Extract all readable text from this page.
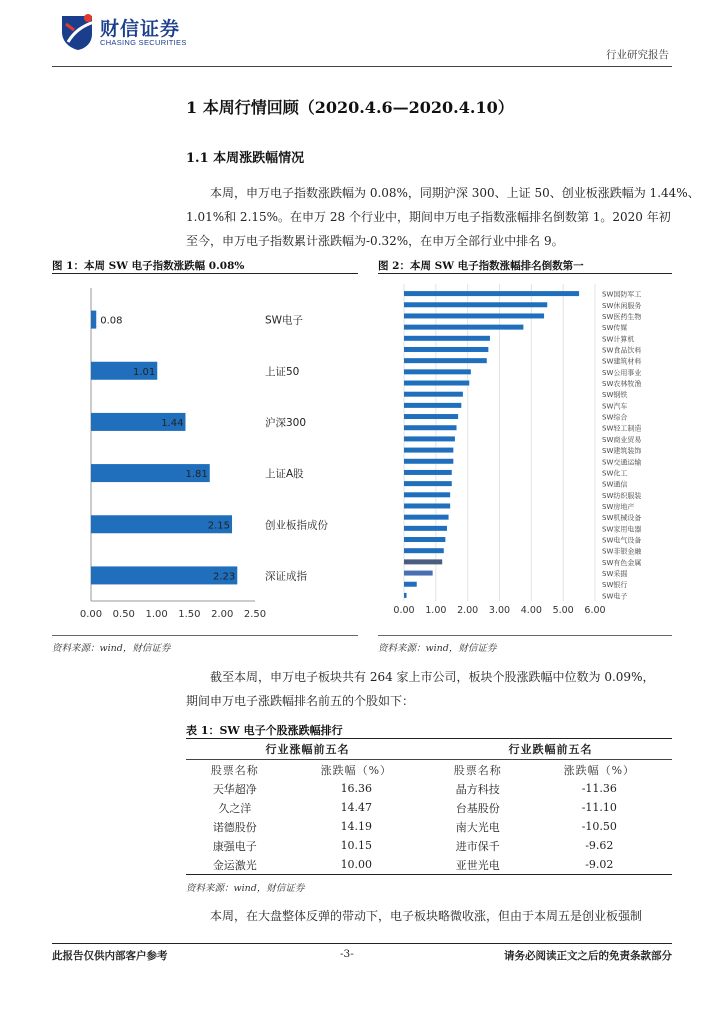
财信证券
CHASING SECURITIES
行业研究报告
1 本周行情回顾（2020.4.6—2020.4.10）
1.1 本周涨跌幅情况
本周，申万电子指数涨跌幅为 0.08%，同期沪深 300、上证 50、创业板涨跌幅为 1.44%、
1.01%和 2.15%。在申万 28 个行业中，期间申万电子指数涨幅排名倒数第 1。2020 年初
至今，申万电子指数累计涨跌幅为-0.32%，在申万全部行业中排名 9。
图 1：本周 SW 电子指数涨跌幅 0.08%	图 2：本周 SW 电子指数涨幅排名倒数第一
0.08	SW电子
1.01	上证50
1.44	沪深300
1.81	上证A股
2.15	创业板指成份
2.23	深证成指
0.00 0.50 1.00 1.50 2.00 2.50	0.00 1.00 2.00 3.00 4.00 5.00 6.00
SW国防军工
SW休闲服务
SW医药生物
SW传媒
SW计算机
SW食品饮料
SW建筑材料
SW公用事业
SW农林牧渔
SW钢铁
SW汽车
SW综合
SW轻工制造
SW商业贸易
SW建筑装饰
SW交通运输
SW化工
SW通信
SW纺织服装
SW房地产
SW机械设备
SW家用电器
SW电气设备
SW非银金融
SW有色金属
SW采掘
SW银行
SW电子
资料来源：wind，财信证券	资料来源：wind，财信证券
截至本周，申万电子板块共有 264 家上市公司，板块个股涨跌幅中位数为 0.09%，
期间申万电子涨跌幅排名前五的个股如下：
表 1：SW 电子个股涨跌幅排行
行业涨幅前五名		行业跌幅前五名	
股票名称	涨跌幅（%）	股票名称	涨跌幅（%）
天华超净	16.36	晶方科技	-11.36
久之洋	14.47	台基股份	-11.10
诺德股份	14.19	南大光电	-10.50
康强电子	10.15	进市保千	-9.62
金运激光	10.00	亚世光电	-9.02
资料来源：wind，财信证券
本周，在大盘整体反弹的带动下，电子板块略微收涨，但由于本周五是创业板强制
此报告仅供内部客户参考	-3-	请务必阅读正文之后的免责条款部分
